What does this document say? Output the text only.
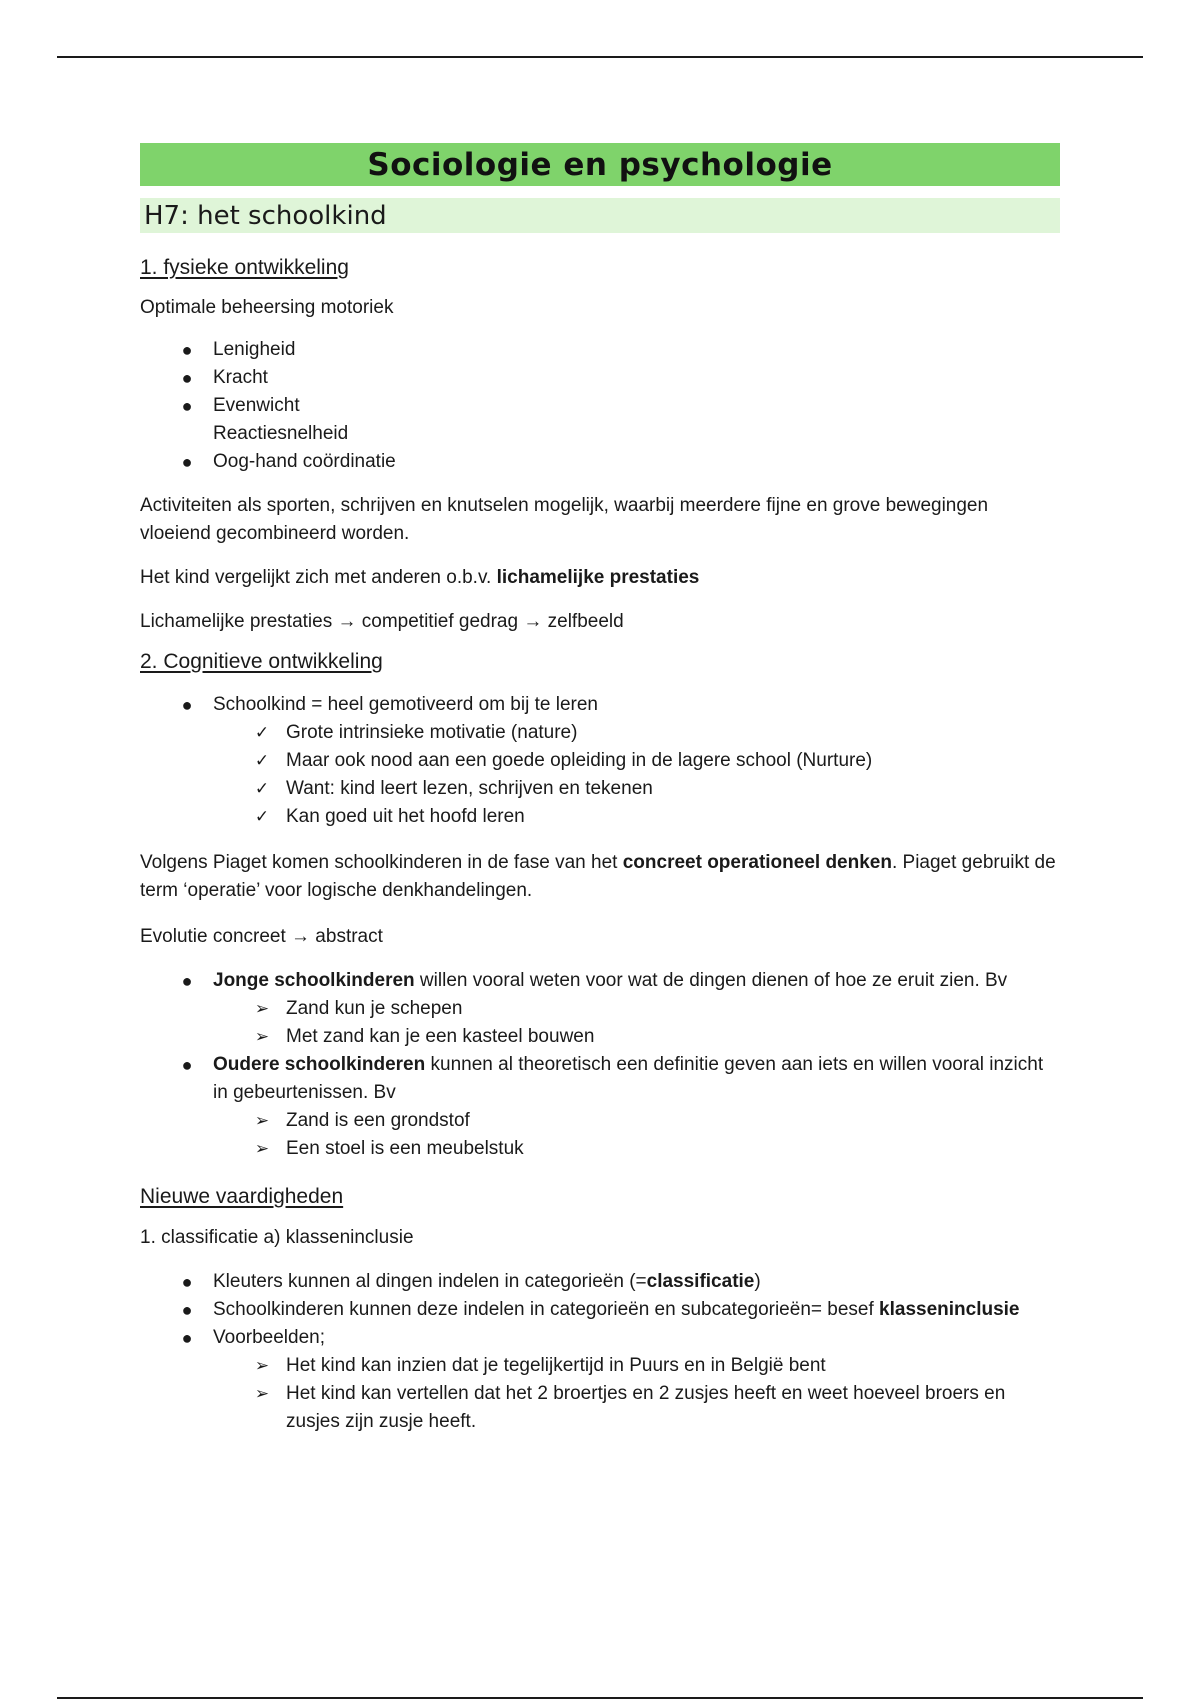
Sociologie en psychologie
H7: het schoolkind
1. fysieke ontwikkeling

Optimale beheersing motoriek

● Lenigheid
● Kracht
● Evenwicht
Reactiesnelheid
● Oog-hand coördinatie

Activiteiten als sporten, schrijven en knutselen mogelijk, waarbij meerdere fijne en grove bewegingen vloeiend gecombineerd worden.

Het kind vergelijkt zich met anderen o.b.v. lichamelijke prestaties

Lichamelijke prestaties → competitief gedrag → zelfbeeld

2. Cognitieve ontwikkeling
● Schoolkind = heel gemotiveerd om bij te leren
✓ Grote intrinsieke motivatie (nature)
✓ Maar ook nood aan een goede opleiding in de lagere school (Nurture)
✓ Want: kind leert lezen, schrijven en tekenen
✓ Kan goed uit het hoofd leren

Volgens Piaget komen schoolkinderen in de fase van het concreet operationeel denken. Piaget gebruikt de term ‘operatie’ voor logische denkhandelingen.

Evolutie concreet → abstract

● Jonge schoolkinderen willen vooral weten voor wat de dingen dienen of hoe ze eruit zien. Bv
➢ Zand kun je schepen
➢ Met zand kan je een kasteel bouwen
● Oudere schoolkinderen kunnen al theoretisch een definitie geven aan iets en willen vooral inzicht in gebeurtenissen. Bv
➢ Zand is een grondstof
➢ Een stoel is een meubelstuk
Nieuwe vaardigheden

1. classificatie a) klasseninclusie

● Kleuters kunnen al dingen indelen in categorieën (=classificatie)
● Schoolkinderen kunnen deze indelen in categorieën en subcategorieën= besef klasseninclusie
● Voorbeelden;
➢ Het kind kan inzien dat je tegelijkertijd in Puurs en in België bent
➢ Het kind kan vertellen dat het 2 broertjes en 2 zusjes heeft en weet hoeveel broers en zusjes zijn zusje heeft.
